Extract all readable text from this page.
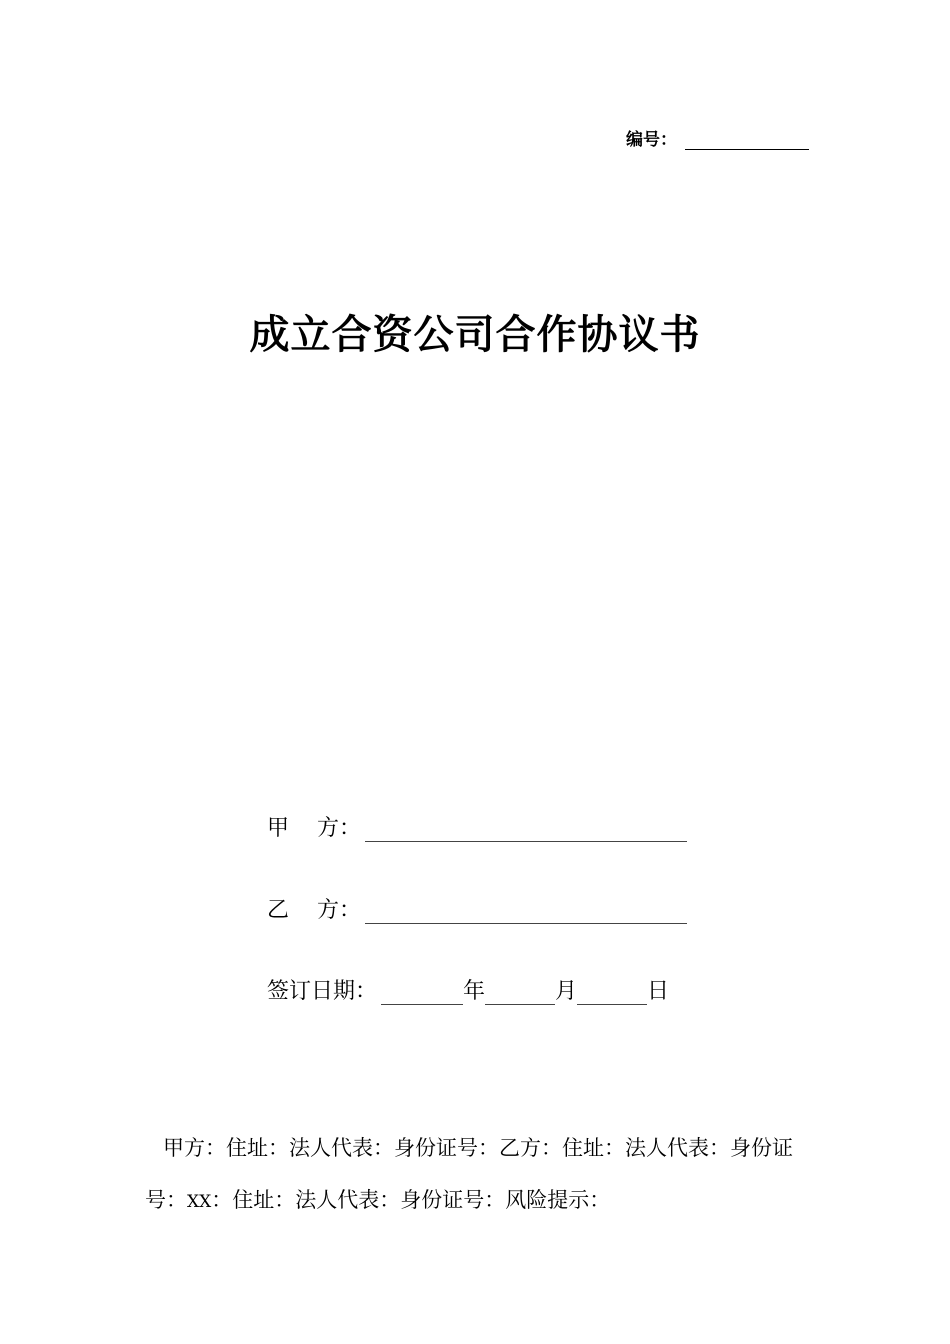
编号：
成立合资公司合作协议书
甲    方：
乙    方：
签订日期：	年	月	日
甲方：住址：法人代表：身份证号：乙方：住址：法人代表：身份证号：XX：住址：法人代表：身份证号：风险提示：
